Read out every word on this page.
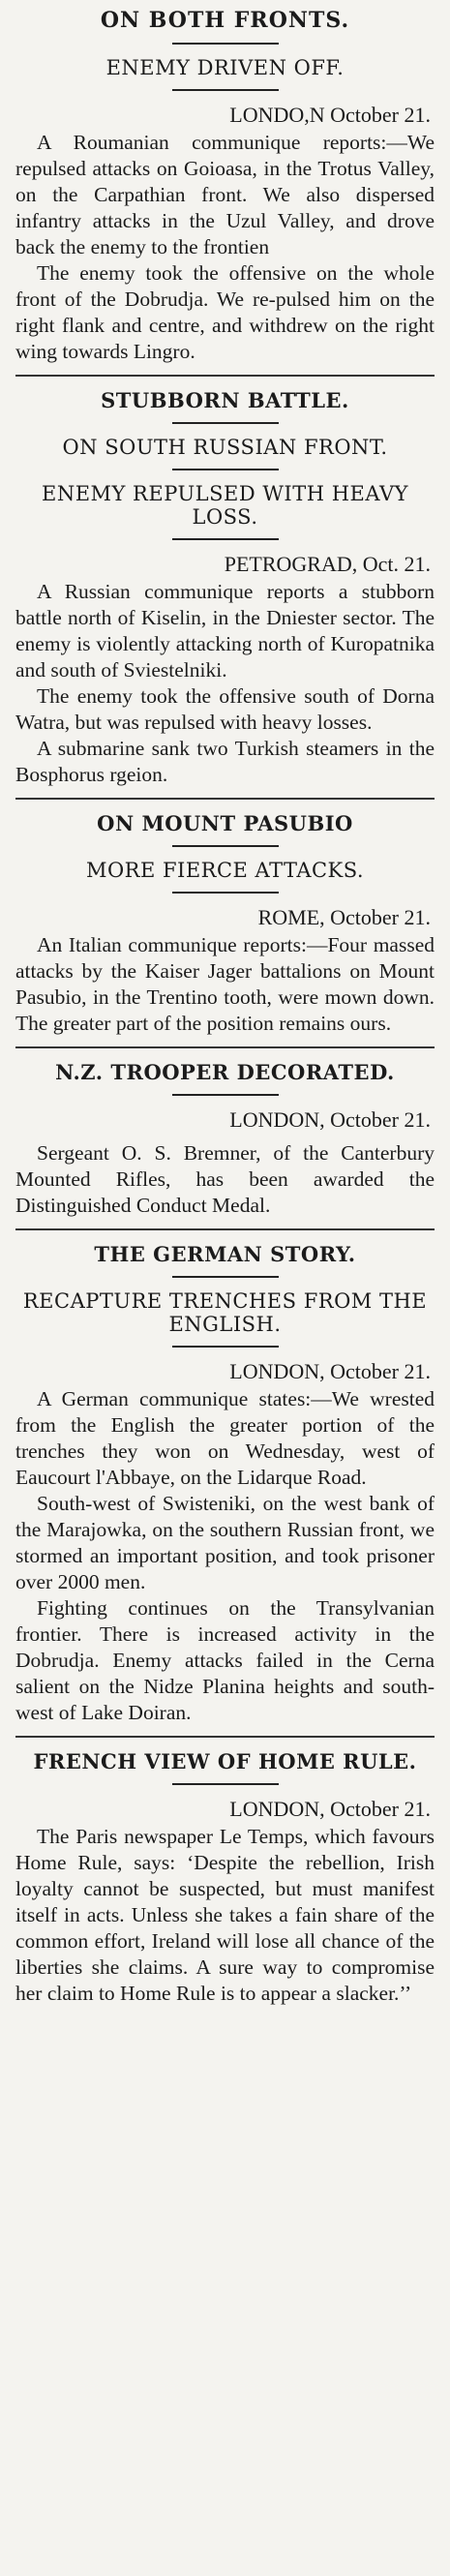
ON BOTH FRONTS.
ENEMY DRIVEN OFF.

LONDO,N October 21.

A Roumanian communique reports:—We repulsed attacks on Goioasa, in the Trotus Valley, on the Carpathian front. We also dispersed infantry attacks in the Uzul Valley, and drove back the enemy to the frontien

The enemy took the offensive on the whole front of the Dobrudja. We re-pulsed him on the right flank and centre, and withdrew on the right wing towards Lingro.

STUBBORN BATTLE.
ON SOUTH RUSSIAN FRONT.
ENEMY REPULSED WITH HEAVY LOSS.

PETROGRAD, Oct. 21.

A Russian communique reports a stubborn battle north of Kiselin, in the Dniester sector. The enemy is violently attacking north of Kuropatnika and south of Sviestelniki.

The enemy took the offensive south of Dorna Watra, but was repulsed with heavy losses.

A submarine sank two Turkish steamers in the Bosphorus rgeion.

ON MOUNT PASUBIO
MORE FIERCE ATTACKS.

ROME, October 21.

An Italian communique reports:—Four massed attacks by the Kaiser Jager battalions on Mount Pasubio, in the Trentino tooth, were mown down. The greater part of the position remains ours.

N.Z. TROOPER DECORATED.

LONDON, October 21.

Sergeant O. S. Bremner, of the Canterbury Mounted Rifles, has been awarded the Distinguished Conduct Medal.

THE GERMAN STORY.
RECAPTURE TRENCHES FROM THE ENGLISH.

LONDON, October 21.

A German communique states:—We wrested from the English the greater portion of the trenches they won on Wednesday, west of Eaucourt l'Abbaye, on the Lidarque Road.

South-west of Swisteniki, on the west bank of the Marajowka, on the southern Russian front, we stormed an important position, and took prisoner over 2000 men.

Fighting continues on the Transylvanian frontier. There is increased activity in the Dobrudja. Enemy attacks failed in the Cerna salient on the Nidze Planina heights and south-west of Lake Doiran.

FRENCH VIEW OF HOME RULE.

LONDON, October 21.

The Paris newspaper Le Temps, which favours Home Rule, says: ‘Despite the rebellion, Irish loyalty cannot be suspected, but must manifest itself in acts. Unless she takes a fain share of the common effort, Ireland will lose all chance of the liberties she claims. A sure way to compromise her claim to Home Rule is to appear a slacker.’’
